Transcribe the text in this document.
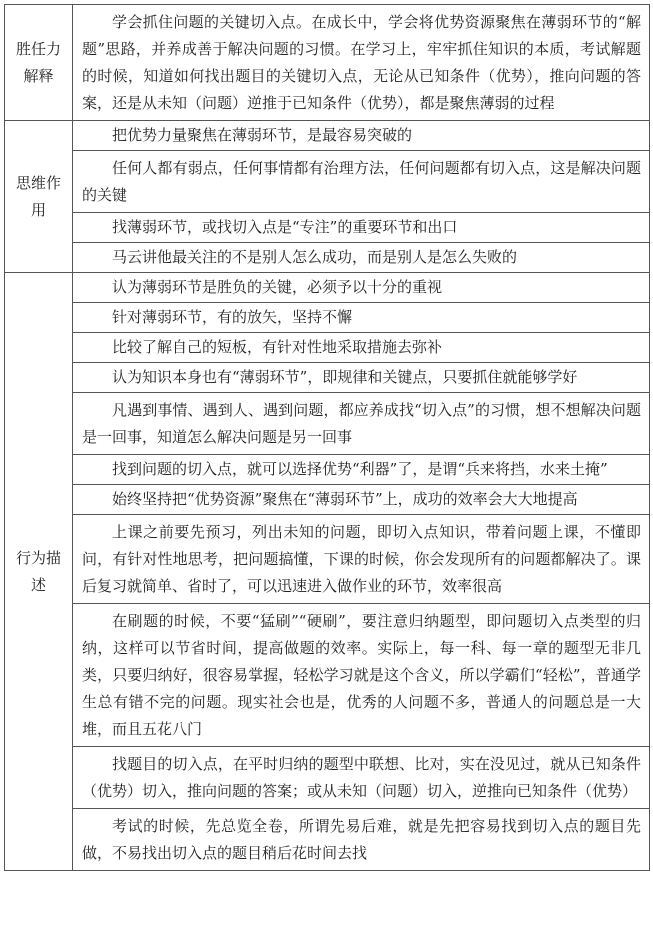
胜任力解释	学会抓住问题的关键切入点。在成长中，学会将优势资源聚焦在薄弱环节的“解题”思路，并养成善于解决问题的习惯。在学习上，牢牢抓住知识的本质，考试解题的时候，知道如何找出题目的关键切入点，无论从已知条件（优势），推向问题的答案，还是从未知（问题）逆推于已知条件（优势），都是聚焦薄弱的过程

思维作用	把优势力量聚焦在薄弱环节，是最容易突破的

	任何人都有弱点，任何事情都有治理方法，任何问题都有切入点，这是解决问题的关键

	找薄弱环节，或找切入点是“专注”的重要环节和出口

	马云讲他最关注的不是别人怎么成功，而是别人是怎么失败的

行为描述	认为薄弱环节是胜负的关键，必须予以十分的重视

	针对薄弱环节，有的放矢，坚持不懈

	比较了解自己的短板，有针对性地采取措施去弥补

	认为知识本身也有“薄弱环节”，即规律和关键点，只要抓住就能够学好

	凡遇到事情、遇到人、遇到问题，都应养成找“切入点”的习惯，想不想解决问题是一回事，知道怎么解决问题是另一回事

	找到问题的切入点，就可以选择优势“利器”了，是谓“兵来将挡，水来土掩”

	始终坚持把“优势资源”聚焦在“薄弱环节”上，成功的效率会大大地提高

	上课之前要先预习，列出未知的问题，即切入点知识，带着问题上课，不懂即问，有针对性地思考，把问题搞懂，下课的时候，你会发现所有的问题都解决了。课后复习就简单、省时了，可以迅速进入做作业的环节，效率很高

	在刷题的时候，不要“猛刷”“硬刷”，要注意归纳题型，即问题切入点类型的归纳，这样可以节省时间，提高做题的效率。实际上，每一科、每一章的题型无非几类，只要归纳好，很容易掌握，轻松学习就是这个含义，所以学霸们“轻松”，普通学生总有错不完的问题。现实社会也是，优秀的人问题不多，普通人的问题总是一大堆，而且五花八门

	找题目的切入点，在平时归纳的题型中联想、比对，实在没见过，就从已知条件（优势）切入，推向问题的答案；或从未知（问题）切入，逆推向已知条件（优势）

	考试的时候，先总览全卷，所谓先易后难，就是先把容易找到切入点的题目先做，不易找出切入点的题目稍后花时间去找
